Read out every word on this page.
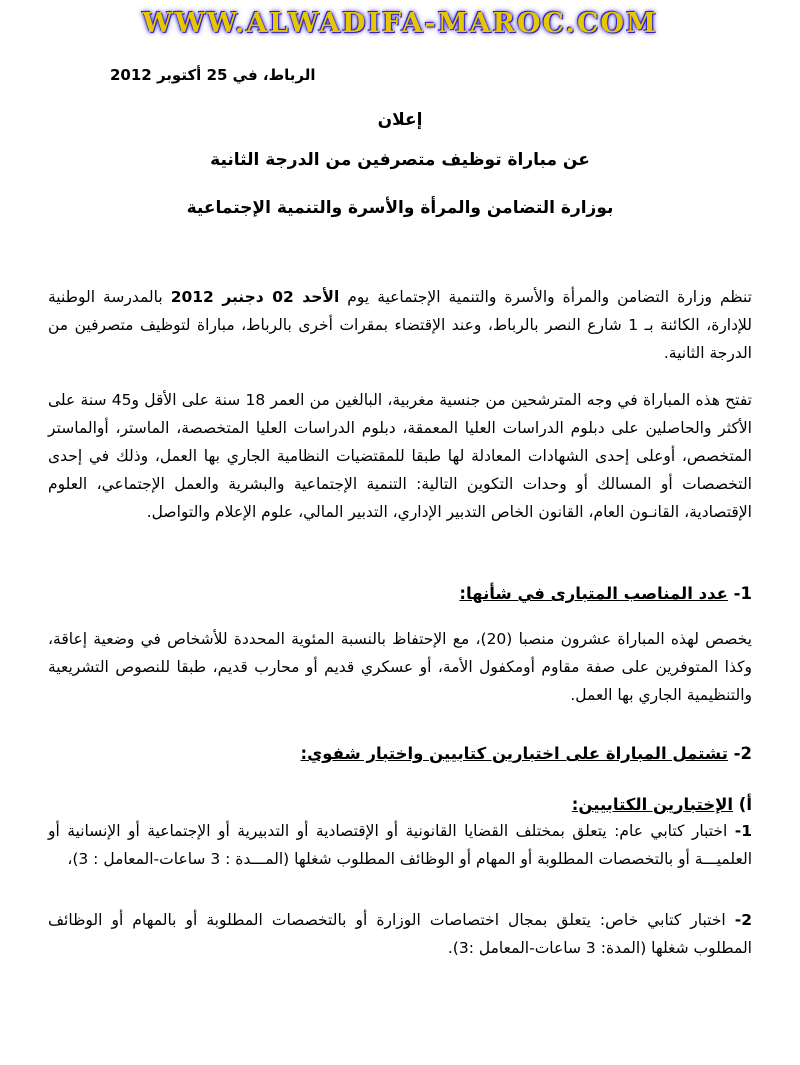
WWW.ALWADIFA-MAROC.COM
الرباط، في 25 أكتوبر 2012
إعلان
عن مباراة توظيف متصرفين من الدرجة الثانية
بوزارة التضامن والمرأة والأسرة والتنمية الإجتماعية
تنظم وزارة التضامن والمرأة والأسرة والتنمية الإجتماعية يوم الأحد 02 دجنبر 2012 بالمدرسة الوطنية للإدارة، الكائنة بـ 1 شارع النصر بالرباط، وعند الإقتضاء بمقرات أخرى بالرباط، مباراة لتوظيف متصرفين من الدرجة الثانية.
تفتح هذه المباراة في وجه المترشحين من جنسية مغربية، البالغين من العمر 18 سنة على الأقل و45 سنة على الأكثر والحاصلين على دبلوم الدراسات العليا المعمقة، دبلوم الدراسات العليا المتخصصة، الماستر، أوالماستر المتخصص، أوعلى إحدى الشهادات المعادلة لها طبقا للمقتضيات النظامية الجاري بها العمل، وذلك في إحدى التخصصات أو المسالك أو وحدات التكوين التالية: التنمية الإجتماعية والبشرية والعمل الإجتماعي، العلوم الإقتصادية، القانـون العام، القانون الخاص التدبير الإداري، التدبير المالي، علوم الإعلام والتواصل.
1- عدد المناصب المتبارى في شأنها:
يخصص لهذه المباراة عشرون منصبا (20)، مع الإحتفاظ بالنسبة المئوية المحددة للأشخاص في وضعية إعاقة، وكذا المتوفرين على صفة مقاوم أومكفول الأمة، أو عسكري قديم أو محارب قديم، طبقا للنصوص التشريعية والتنظيمية الجاري بها العمل.
2- تشتمل المباراة على اختبارين كتابيين واختبار شفوي:
أ) الإختبارين الكتابيين:
1- اختبار كتابي عام: يتعلق بمختلف القضايا القانونية أو الإقتصادية أو التدبيرية أو الإجتماعية أو الإنسانية أو العلميـــة أو بالتخصصات المطلوبة أو المهام أو الوظائف المطلوب شغلها (المـــدة : 3 ساعات-المعامل : 3)،
2- اختبار كتابي خاص: يتعلق بمجال اختصاصات الوزارة أو بالتخصصات المطلوبة أو بالمهام أو الوظائف المطلوب شغلها (المدة: 3 ساعات-المعامل :3).
